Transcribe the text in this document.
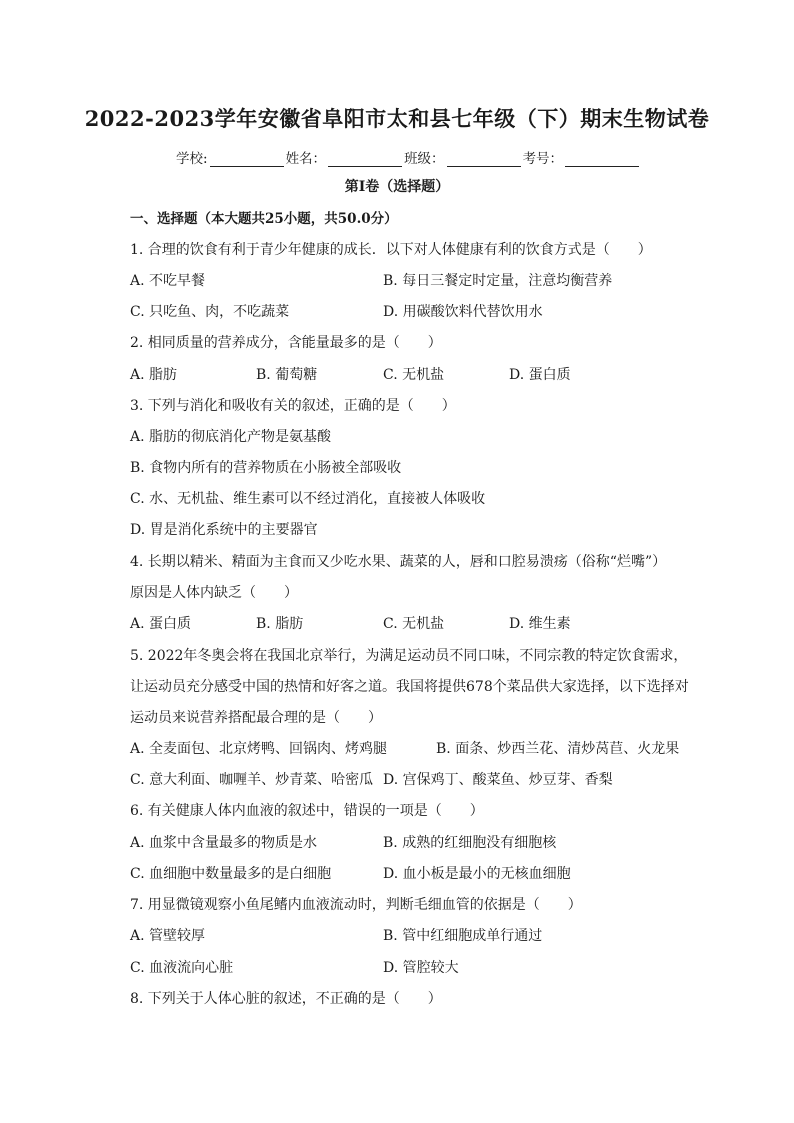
2022-2023学年安徽省阜阳市太和县七年级（下）期末生物试卷
学校:	姓名：	班级：	考号：
第Ⅰ卷（选择题）
一、选择题（本大题共25小题，共50.0分）
1. 合理的饮食有利于青少年健康的成长．以下对人体健康有利的饮食方式是（　　）
A. 不吃早餐	B. 每日三餐定时定量，注意均衡营养
C. 只吃鱼、肉，不吃蔬菜	D. 用碳酸饮料代替饮用水
2. 相同质量的营养成分，含能量最多的是（　　）
A. 脂肪	B. 葡萄糖	C. 无机盐	D. 蛋白质
3. 下列与消化和吸收有关的叙述，正确的是（　　）
A. 脂肪的彻底消化产物是氨基酸
B. 食物内所有的营养物质在小肠被全部吸收
C. 水、无机盐、维生素可以不经过消化，直接被人体吸收
D. 胃是消化系统中的主要器官
4. 长期以精米、精面为主食而又少吃水果、蔬菜的人，唇和口腔易溃疡（俗称“烂嘴”）
原因是人体内缺乏（　　）
A. 蛋白质	B. 脂肪	C. 无机盐	D. 维生素
5. 2022年冬奥会将在我国北京举行，为满足运动员不同口味，不同宗教的特定饮食需求，
让运动员充分感受中国的热情和好客之道。我国将提供678个菜品供大家选择，以下选择对
运动员来说营养搭配最合理的是（　　）
A. 全麦面包、北京烤鸭、回锅肉、烤鸡腿	B. 面条、炒西兰花、清炒莴苣、火龙果
C. 意大利面、咖喱羊、炒青菜、哈密瓜 D. 宫保鸡丁、酸菜鱼、炒豆芽、香梨
6. 有关健康人体内血液的叙述中，错误的一项是（　　）
A. 血浆中含量最多的物质是水	B. 成熟的红细胞没有细胞核
C. 血细胞中数量最多的是白细胞	D. 血小板是最小的无核血细胞
7. 用显微镜观察小鱼尾鳍内血液流动时，判断毛细血管的依据是（　　）
A. 管壁较厚	B. 管中红细胞成单行通过
C. 血液流向心脏	D. 管腔较大
8. 下列关于人体心脏的叙述，不正确的是（　　）
